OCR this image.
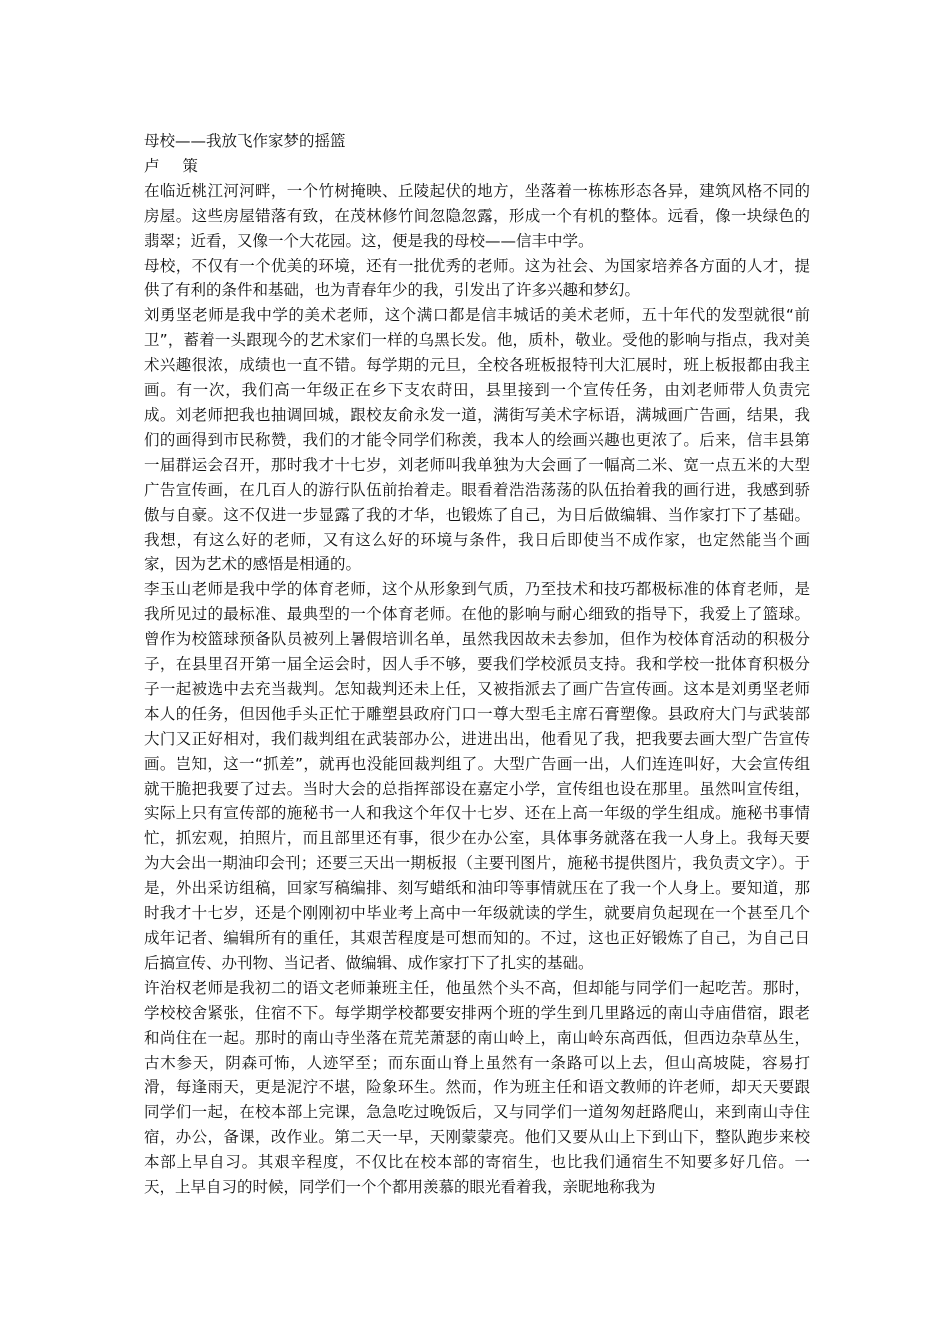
母校——我放飞作家梦的摇篮

卢 策

在临近桃江河河畔，一个竹树掩映、丘陵起伏的地方，坐落着一栋栋形态各异，建筑风格不同的房屋。这些房屋错落有致，在茂林修竹间忽隐忽露，形成一个有机的整体。远看，像一块绿色的翡翠；近看，又像一个大花园。这，便是我的母校——信丰中学。

母校，不仅有一个优美的环境，还有一批优秀的老师。这为社会、为国家培养各方面的人才，提供了有利的条件和基础，也为青春年少的我，引发出了许多兴趣和梦幻。

刘勇坚老师是我中学的美术老师，这个满口都是信丰城话的美术老师，五十年代的发型就很“前卫”，蓄着一头跟现今的艺术家们一样的乌黑长发。他，质朴，敬业。受他的影响与指点，我对美术兴趣很浓，成绩也一直不错。每学期的元旦，全校各班板报特刊大汇展时，班上板报都由我主画。有一次，我们高一年级正在乡下支农莳田，县里接到一个宣传任务，由刘老师带人负责完成。刘老师把我也抽调回城，跟校友俞永发一道，满街写美术字标语，满城画广告画，结果，我们的画得到市民称赞，我们的才能令同学们称羡，我本人的绘画兴趣也更浓了。后来，信丰县第一届群运会召开，那时我才十七岁，刘老师叫我单独为大会画了一幅高二米、宽一点五米的大型广告宣传画，在几百人的游行队伍前抬着走。眼看着浩浩荡荡的队伍抬着我的画行进，我感到骄傲与自豪。这不仅进一步显露了我的才华，也锻炼了自己，为日后做编辑、当作家打下了基础。我想，有这么好的老师，又有这么好的环境与条件，我日后即使当不成作家，也定然能当个画家，因为艺术的感悟是相通的。

李玉山老师是我中学的体育老师，这个从形象到气质，乃至技术和技巧都极标准的体育老师，是我所见过的最标准、最典型的一个体育老师。在他的影响与耐心细致的指导下，我爱上了篮球。曾作为校篮球预备队员被列上暑假培训名单，虽然我因故未去参加，但作为校体育活动的积极分子，在县里召开第一届全运会时，因人手不够，要我们学校派员支持。我和学校一批体育积极分子一起被选中去充当裁判。怎知裁判还未上任，又被指派去了画广告宣传画。这本是刘勇坚老师本人的任务，但因他手头正忙于雕塑县政府门口一尊大型毛主席石膏塑像。县政府大门与武装部大门又正好相对，我们裁判组在武装部办公，进进出出，他看见了我，把我要去画大型广告宣传画。岂知，这一“抓差”，就再也没能回裁判组了。大型广告画一出，人们连连叫好，大会宣传组就干脆把我要了过去。当时大会的总指挥部设在嘉定小学，宣传组也设在那里。虽然叫宣传组，实际上只有宣传部的施秘书一人和我这个年仅十七岁、还在上高一年级的学生组成。施秘书事情忙，抓宏观，拍照片，而且部里还有事，很少在办公室，具体事务就落在我一人身上。我每天要为大会出一期油印会刊；还要三天出一期板报（主要刊图片，施秘书提供图片，我负责文字）。于是，外出采访组稿，回家写稿编排、刻写蜡纸和油印等事情就压在了我一个人身上。要知道，那时我才十七岁，还是个刚刚初中毕业考上高中一年级就读的学生，就要肩负起现在一个甚至几个成年记者、编辑所有的重任，其艰苦程度是可想而知的。不过，这也正好锻炼了自己，为自己日后搞宣传、办刊物、当记者、做编辑、成作家打下了扎实的基础。

许治权老师是我初二的语文老师兼班主任，他虽然个头不高，但却能与同学们一起吃苦。那时，学校校舍紧张，住宿不下。每学期学校都要安排两个班的学生到几里路远的南山寺庙借宿，跟老和尚住在一起。那时的南山寺坐落在荒芜萧瑟的南山岭上，南山岭东高西低，但西边杂草丛生，古木参天，阴森可怖，人迹罕至；而东面山脊上虽然有一条路可以上去，但山高坡陡，容易打滑，每逢雨天，更是泥泞不堪，险象环生。然而，作为班主任和语文教师的许老师，却天天要跟同学们一起，在校本部上完课，急急吃过晚饭后，又与同学们一道匆匆赶路爬山，来到南山寺住宿，办公，备课，改作业。第二天一早，天刚蒙蒙亮。他们又要从山上下到山下，整队跑步来校本部上早自习。其艰辛程度，不仅比在校本部的寄宿生，也比我们通宿生不知要多好几倍。一天，上早自习的时候，同学们一个个都用羡慕的眼光看着我，亲昵地称我为
